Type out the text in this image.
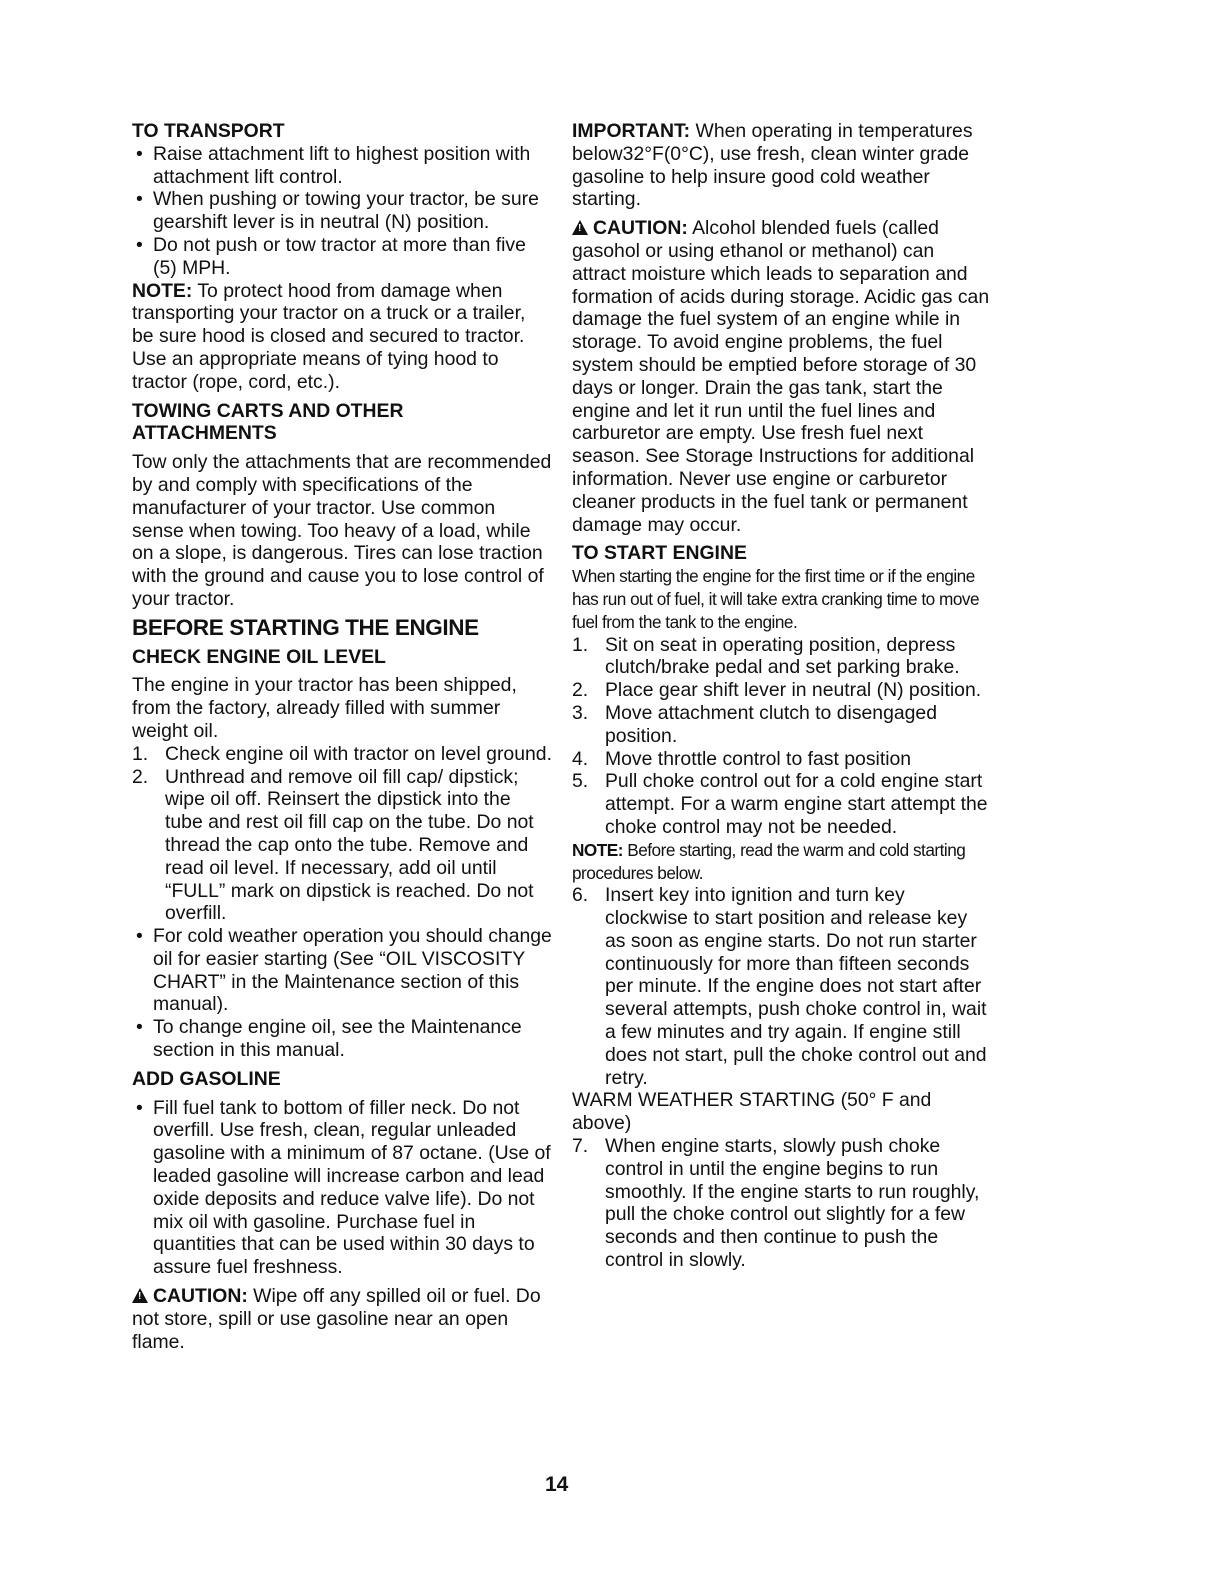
TO TRANSPORT
• Raise attachment lift to highest position with attachment lift control.
• When pushing or towing your tractor, be sure gearshift lever is in neutral (N) position.
• Do not push or tow tractor at more than five (5) MPH.

NOTE: To protect hood from damage when transporting your tractor on a truck or a trailer, be sure hood is closed and secured to tractor. Use an appropriate means of tying hood to tractor (rope, cord, etc.).

TOWING CARTS AND OTHER ATTACHMENTS

Tow only the attachments that are recommended by and comply with specifications of the manufacturer of your tractor. Use common sense when towing. Too heavy of a load, while on a slope, is dangerous. Tires can lose traction with the ground and cause you to lose control of your tractor.

BEFORE STARTING THE ENGINE
CHECK ENGINE OIL LEVEL

The engine in your tractor has been shipped, from the factory, already filled with summer weight oil.

1. Check engine oil with tractor on level ground.
2. Unthread and remove oil fill cap/ dipstick; wipe oil off. Reinsert the dipstick into the tube and rest oil fill cap on the tube. Do not thread the cap onto the tube. Remove and read oil level. If necessary, add oil until “FULL” mark on dipstick is reached. Do not overfill.
• For cold weather operation you should change oil for easier starting (See “OIL VISCOSITY CHART” in the Maintenance section of this manual).
• To change engine oil, see the Maintenance section in this manual.
ADD GASOLINE
• Fill fuel tank to bottom of filler neck. Do not overfill. Use fresh, clean, regular unleaded gasoline with a minimum of 87 octane. (Use of leaded gasoline will increase carbon and lead oxide deposits and reduce valve life). Do not mix oil with gasoline. Purchase fuel in quantities that can be used within 30 days to assure fuel freshness.

!CAUTION: Wipe off any spilled oil or fuel. Do not store, spill or use gasoline near an open flame.

IMPORTANT: When operating in temperatures below32°F(0°C), use fresh, clean winter grade gasoline to help insure good cold weather starting.

!CAUTION: Alcohol blended fuels (called gasohol or using ethanol or methanol) can attract moisture which leads to separation and formation of acids during storage. Acidic gas can damage the fuel system of an engine while in storage. To avoid engine problems, the fuel system should be emptied before storage of 30 days or longer. Drain the gas tank, start the engine and let it run until the fuel lines and carburetor are empty. Use fresh fuel next season. See Storage Instructions for additional information. Never use engine or carburetor cleaner products in the fuel tank or permanent damage may occur.

TO START ENGINE

When starting the engine for the first time or if the engine has run out of fuel, it will take extra cranking time to move fuel from the tank to the engine.

1. Sit on seat in operating position, depress clutch/brake pedal and set parking brake.
2. Place gear shift lever in neutral (N) position.
3. Move attachment clutch to disengaged position.
4. Move throttle control to fast position
5. Pull choke control out for a cold engine start attempt. For a warm engine start attempt the choke control may not be needed.

NOTE: Before starting, read the warm and cold starting procedures below.

6. Insert key into ignition and turn key clockwise to start position and release key as soon as engine starts. Do not run starter continuously for more than fifteen seconds per minute. If the engine does not start after several attempts, push choke control in, wait a few minutes and try again. If engine still does not start, pull the choke control out and retry.
WARM WEATHER STARTING (50° F and above)
7. When engine starts, slowly push choke control in until the engine begins to run smoothly. If the engine starts to run roughly, pull the choke control out slightly for a few seconds and then continue to push the control in slowly.
14
